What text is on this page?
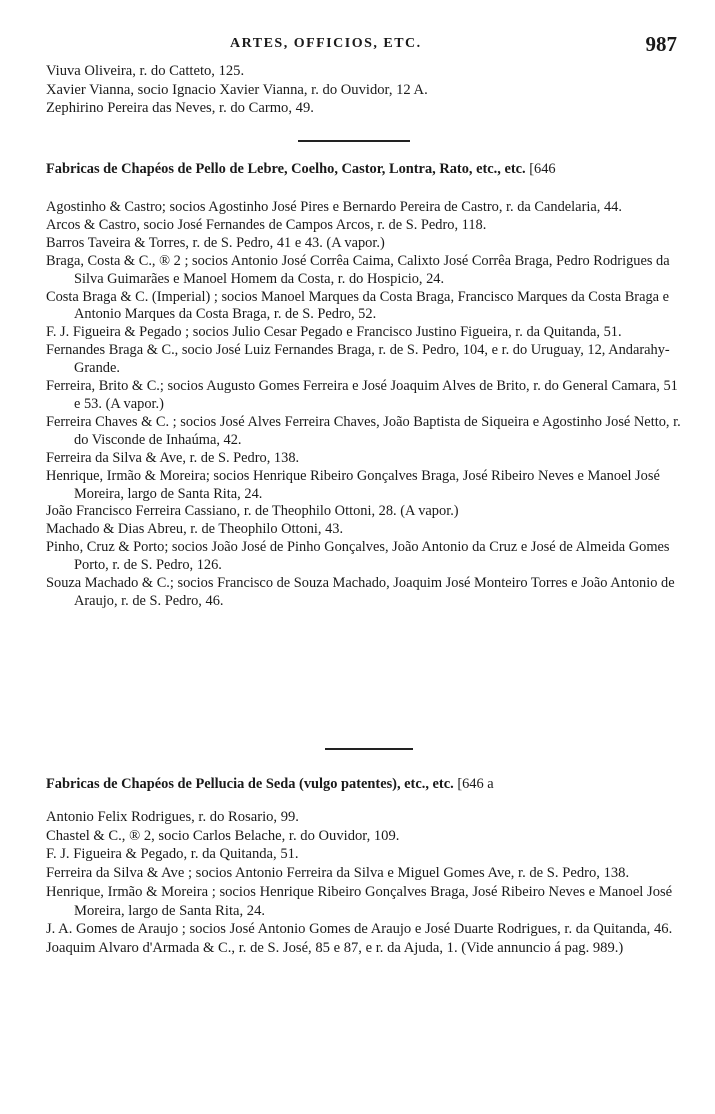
ARTES, OFFICIOS, ETC.	987

Viuva Oliveira, r. do Catteto, 125.

Xavier Vianna, socio Ignacio Xavier Vianna, r. do Ouvidor, 12 A.

Zephirino Pereira das Neves, r. do Carmo, 49.

Fabricas de Chapéos de Pello de Lebre, Coelho, Castor, Lontra, Rato, etc., etc. [646

Agostinho & Castro; socios Agostinho José Pires e Bernardo Pereira de Castro, r. da Candelaria, 44.

Arcos & Castro, socio José Fernandes de Campos Arcos, r. de S. Pedro, 118.

Barros Taveira & Torres, r. de S. Pedro, 41 e 43. (A vapor.)

Braga, Costa & C., ® 2 ; socios Antonio José Corrêa Caima, Calixto José Corrêa Braga, Pedro Rodrigues da Silva Guimarães e Manoel Homem da Costa, r. do Hospicio, 24.

Costa Braga & C. (Imperial) ; socios Manoel Marques da Costa Braga, Francisco Marques da Costa Braga e Antonio Marques da Costa Braga, r. de S. Pedro, 52.

F. J. Figueira & Pegado ; socios Julio Cesar Pegado e Francisco Justino Figueira, r. da Quitanda, 51.

Fernandes Braga & C., socio José Luiz Fernandes Braga, r. de S. Pedro, 104, e r. do Uruguay, 12, Andarahy-Grande.

Ferreira, Brito & C.; socios Augusto Gomes Ferreira e José Joaquim Alves de Brito, r. do General Camara, 51 e 53. (A vapor.)

Ferreira Chaves & C. ; socios José Alves Ferreira Chaves, João Baptista de Siqueira e Agostinho José Netto, r. do Visconde de Inhaúma, 42.

Ferreira da Silva & Ave, r. de S. Pedro, 138.

Henrique, Irmão & Moreira; socios Henrique Ribeiro Gonçalves Braga, José Ribeiro Neves e Manoel José Moreira, largo de Santa Rita, 24.

João Francisco Ferreira Cassiano, r. de Theophilo Ottoni, 28. (A vapor.)

Machado & Dias Abreu, r. de Theophilo Ottoni, 43.

Pinho, Cruz & Porto; socios João José de Pinho Gonçalves, João Antonio da Cruz e José de Almeida Gomes Porto, r. de S. Pedro, 126.

Souza Machado & C.; socios Francisco de Souza Machado, Joaquim José Monteiro Torres e João Antonio de Araujo, r. de S. Pedro, 46.

Fabricas de Chapéos de Pellucia de Seda (vulgo patentes), etc., etc. [646 a

Antonio Felix Rodrigues, r. do Rosario, 99.

Chastel & C., ® 2, socio Carlos Belache, r. do Ouvidor, 109.

F. J. Figueira & Pegado, r. da Quitanda, 51.

Ferreira da Silva & Ave ; socios Antonio Ferreira da Silva e Miguel Gomes Ave, r. de S. Pedro, 138.

Henrique, Irmão & Moreira ; socios Henrique Ribeiro Gonçalves Braga, José Ribeiro Neves e Manoel José Moreira, largo de Santa Rita, 24.

J. A. Gomes de Araujo ; socios José Antonio Gomes de Araujo e José Duarte Rodrigues, r. da Quitanda, 46.

Joaquim Alvaro d'Armada & C., r. de S. José, 85 e 87, e r. da Ajuda, 1. (Vide annuncio á pag. 989.)
